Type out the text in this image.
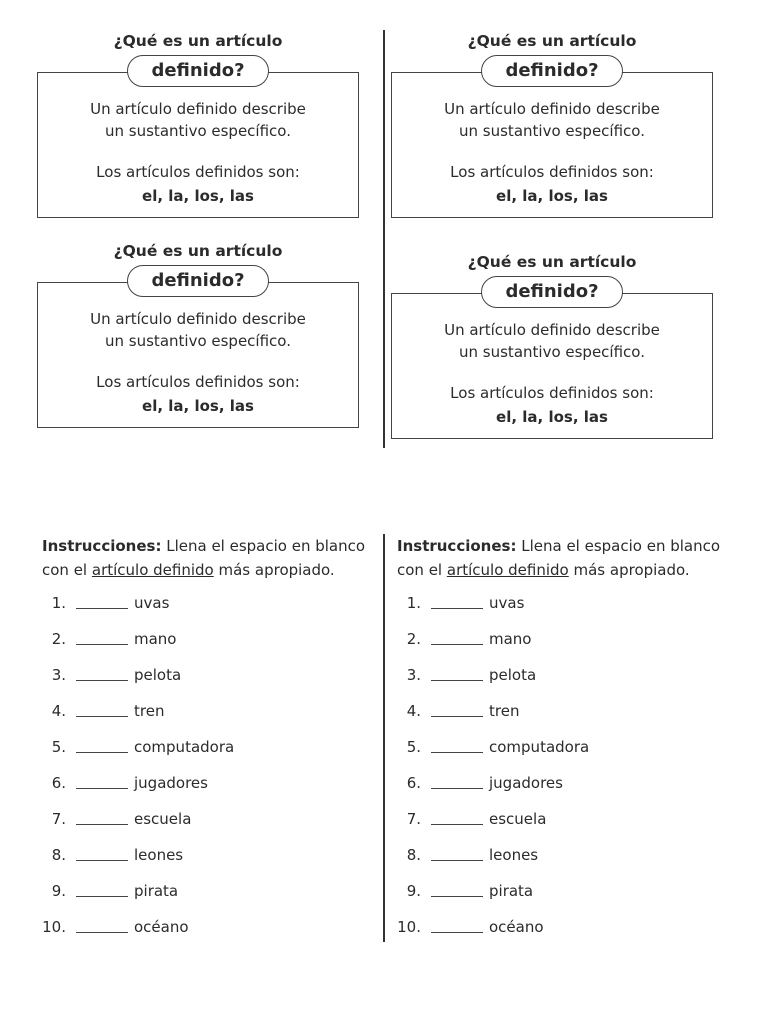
¿Qué es un artículo
definido?
Un artículo definido describe
un sustantivo específico.
Los artículos definidos son:
el, la, los, las
¿Qué es un artículo
definido?
Un artículo definido describe
un sustantivo específico.
Los artículos definidos son:
el, la, los, las
¿Qué es un artículo
definido?
Un artículo definido describe
un sustantivo específico.
Los artículos definidos son:
el, la, los, las
¿Qué es un artículo
definido?
Un artículo definido describe
un sustantivo específico.
Los artículos definidos son:
el, la, los, las

Instrucciones: Llena el espacio en blanco con el artículo definido más apropiado.

1.	uvas
2.	mano
3.	pelota
4.	tren
5.	computadora
6.	jugadores
7.	escuela
8.	leones
9.	pirata
10.	océano

Instrucciones: Llena el espacio en blanco con el artículo definido más apropiado.

1.	uvas
2.	mano
3.	pelota
4.	tren
5.	computadora
6.	jugadores
7.	escuela
8.	leones
9.	pirata
10.	océano
